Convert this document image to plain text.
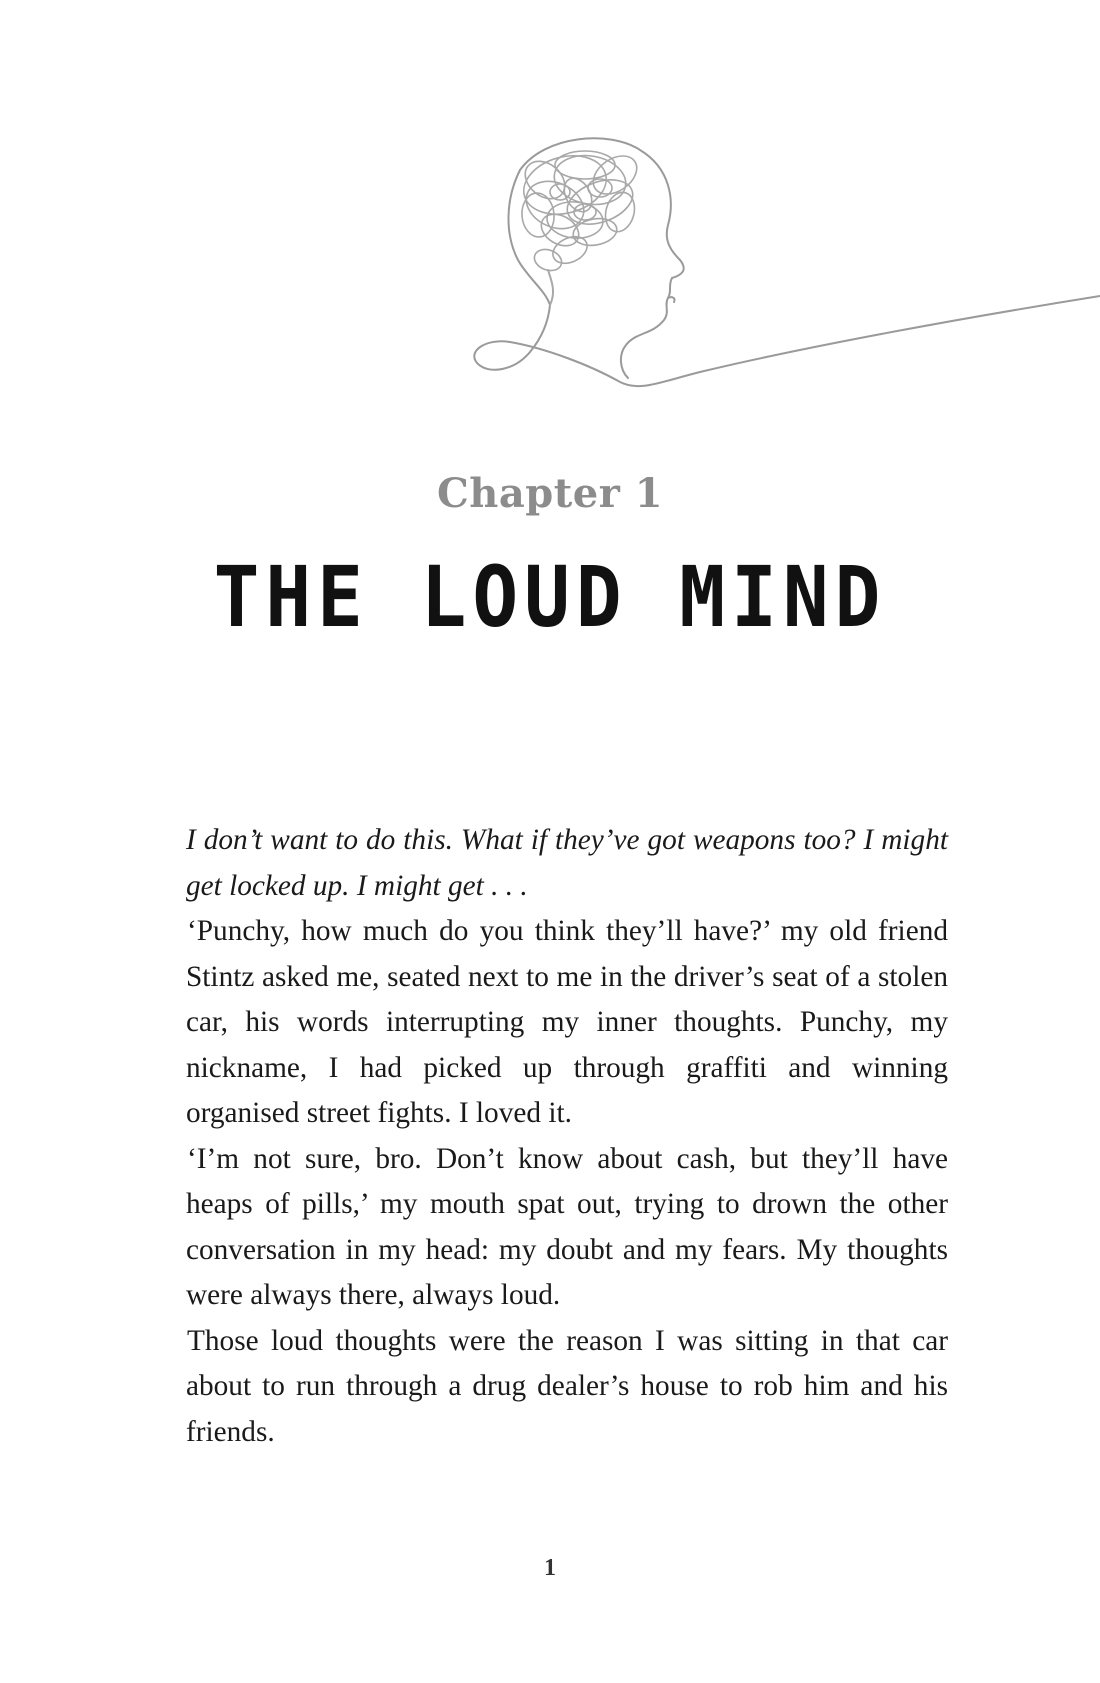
Chapter 1
THE LOUD MIND

I don’t want to do this. What if they’ve got weapons too? I might get locked up. I might get . . .

‘Punchy, how much do you think they’ll have?’ my old friend Stintz asked me, seated next to me in the driver’s seat of a stolen car, his words interrupting my inner thoughts. Punchy, my nickname, I had picked up through graffiti and winning organised street fights. I loved it.

‘I’m not sure, bro. Don’t know about cash, but they’ll have heaps of pills,’ my mouth spat out, trying to drown the other conversation in my head: my doubt and my fears. My thoughts were always there, always loud.

Those loud thoughts were the reason I was sitting in that car about to run through a drug dealer’s house to rob him and his friends.

1
